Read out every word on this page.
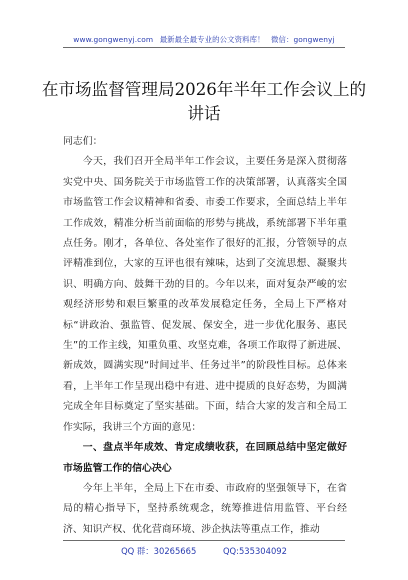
www.gongwenyj.com 最新最全最专业的公文资料库！ 微信：gongwenyj
在市场监督管理局2026年半年工作会议上的讲话

同志们：

今天，我们召开全局半年工作会议，主要任务是深入贯彻落实党中央、国务院关于市场监管工作的决策部署，认真落实全国市场监管工作会议精神和省委、市委工作要求，全面总结上半年工作成效，精准分析当前面临的形势与挑战，系统部署下半年重点任务。刚才，各单位、各处室作了很好的汇报，分管领导的点评精准到位，大家的互评也很有辣味，达到了交流思想、凝聚共识、明确方向、鼓舞干劲的目的。今年以来，面对复杂严峻的宏观经济形势和艰巨繁重的改革发展稳定任务，全局上下严格对标“讲政治、强监管、促发展、保安全，进一步优化服务、惠民生”的工作主线，知重负重、攻坚克难，各项工作取得了新进展、新成效，圆满实现“时间过半、任务过半”的阶段性目标。总体来看，上半年工作呈现出稳中有进、进中提质的良好态势，为圆满完成全年目标奠定了坚实基础。下面，结合大家的发言和全局工作实际，我讲三个方面的意见：

一、盘点半年成效、肯定成绩收获，在回顾总结中坚定做好市场监管工作的信心决心

今年上半年，全局上下在市委、市政府的坚强领导下，在省局的精心指导下，坚持系统观念，统筹推进信用监管、平台经济、知识产权、优化营商环境、涉企执法等重点工作，推动

QQ 群：30265665	QQ:535304092
